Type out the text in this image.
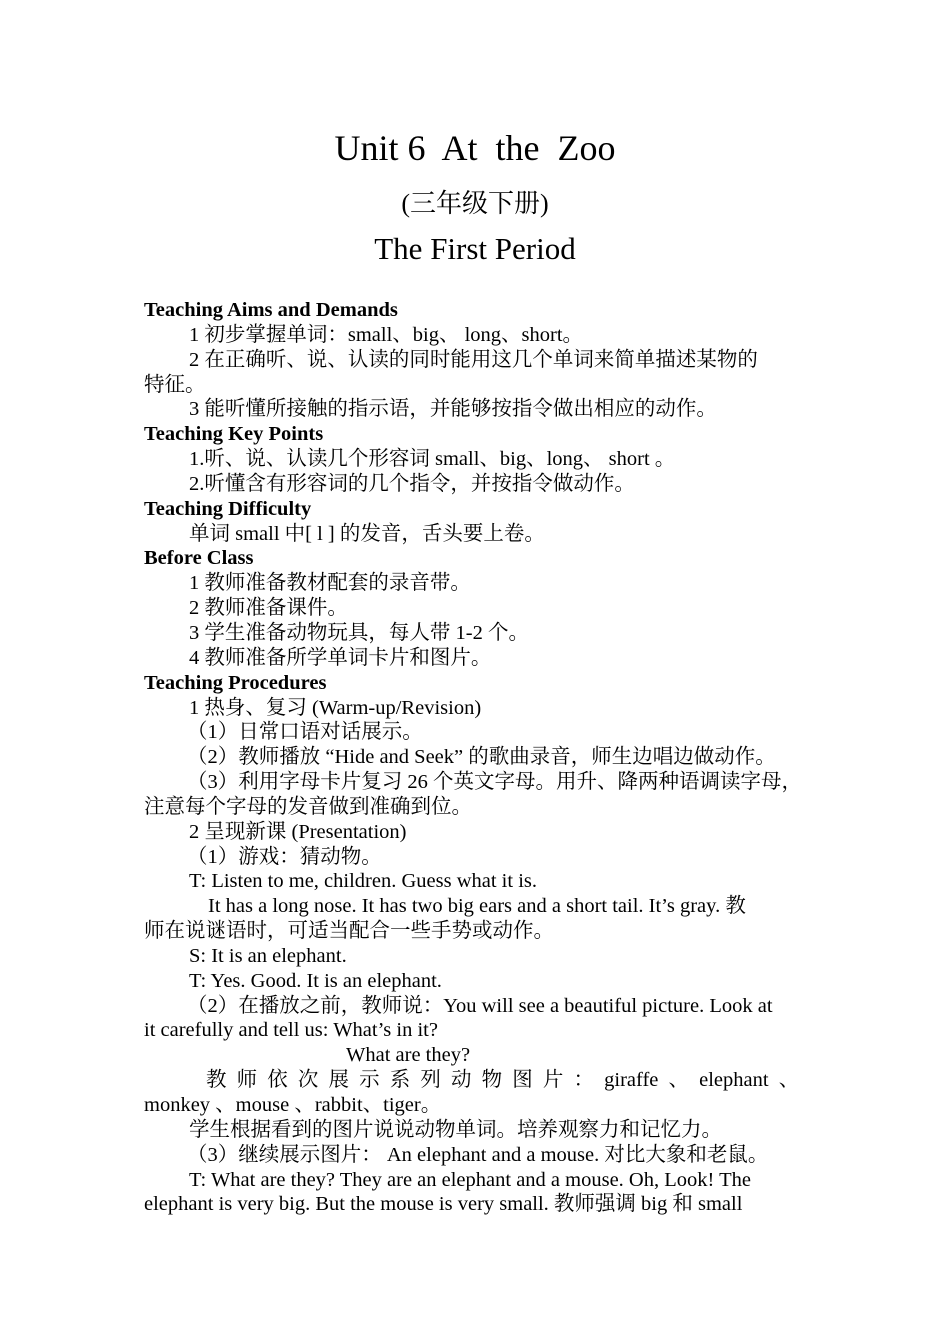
Unit 6  At  the  Zoo
(三年级下册)
The First Period
Teaching Aims and Demands
1 初步掌握单词：small、big、 long、short。
2 在正确听、说、认读的同时能用这几个单词来简单描述某物的
特征。
3 能听懂所接触的指示语，并能够按指令做出相应的动作。
Teaching Key Points
1.听、说、认读几个形容词 small、big、long、 short 。
2.听懂含有形容词的几个指令，并按指令做动作。
Teaching Difficulty
单词 small 中[ l ] 的发音，舌头要上卷。
Before Class
1 教师准备教材配套的录音带。
2 教师准备课件。
3 学生准备动物玩具，每人带 1-2 个。
4 教师准备所学单词卡片和图片。
Teaching Procedures
1 热身、复习 (Warm-up/Revision)
（1）日常口语对话展示。
（2）教师播放 “Hide and Seek” 的歌曲录音，师生边唱边做动作。
（3）利用字母卡片复习 26 个英文字母。用升、降两种语调读字母，
注意每个字母的发音做到准确到位。
2 呈现新课 (Presentation)
（1）游戏：猜动物。
T: Listen to me, children. Guess what it is.
It has a long nose. It has two big ears and a short tail. It’s gray. 教
师在说谜语时，可适当配合一些手势或动作。
S: It is an elephant.
T: Yes. Good. It is an elephant.
（2）在播放之前，教师说：You will see a beautiful picture. Look at
it carefully and tell us: What’s in it?
What are they?
教 师 依 次 展 示 系 列 动 物 图 片 ： giraffe 、 elephant 、
monkey 、mouse 、rabbit、tiger。
学生根据看到的图片说说动物单词。培养观察力和记忆力。
（3）继续展示图片： An elephant and a mouse. 对比大象和老鼠。
T: What are they? They are an elephant and a mouse. Oh, Look! The
elephant is very big. But the mouse is very small. 教师强调 big 和 small
